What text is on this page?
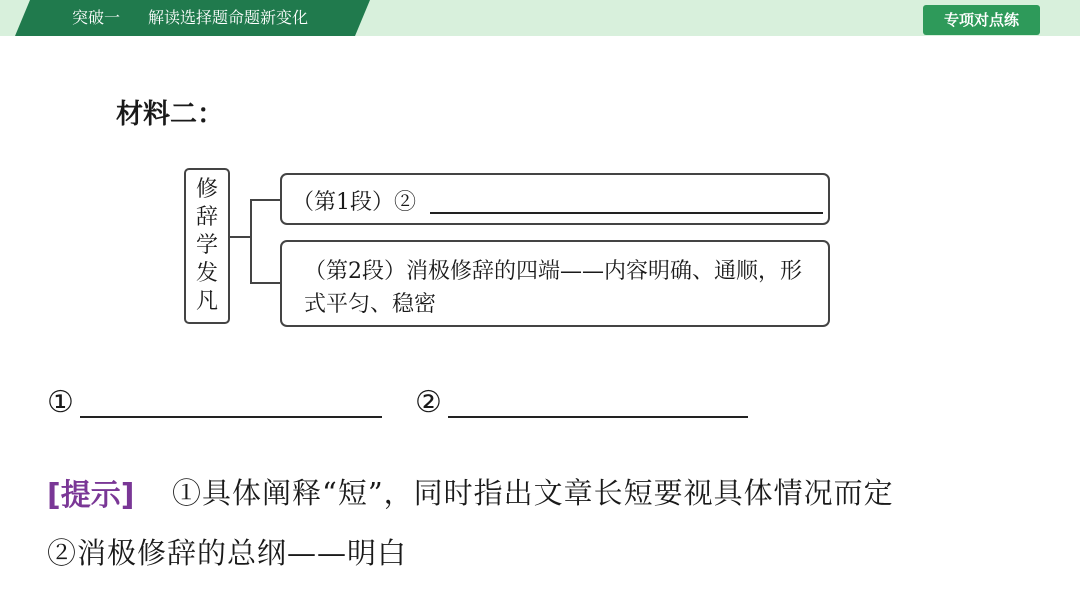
突破一 解读选择题命题新变化	专项对点练
材料二：
修
辞
学
发
凡
（第1段）②
（第2段）消极修辞的四端——内容明确、通顺，形式平匀、稳密
①	②
[提示] ①具体阐释“短”，同时指出文章长短要视具体情况而定
②消极修辞的总纲——明白
